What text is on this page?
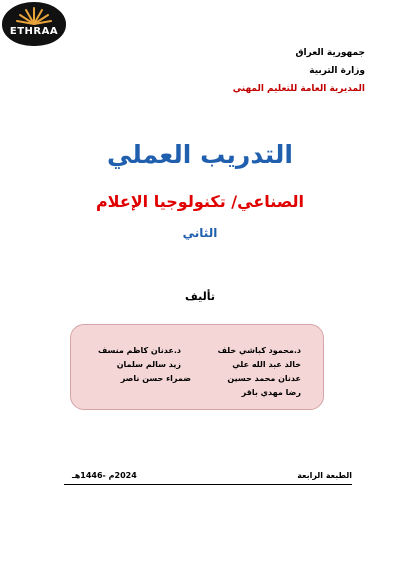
ETHRAA
جمهورية العراق
وزارة التربية
المديرية العامة للتعليم المهني
التدريب العملي
الصناعي/ تكنولوجيا الإعلام
الثاني
تأليف
د.محمود كباشي خلف
د.عدنان كاظم منسف
خالد عبد الله علي
زيد سالم سلمان
عدنان محمد حسين
ضمراء حسن ناصر
رضا مهدي باقر
الطبعة الرابعة
2024م -1446هـ
